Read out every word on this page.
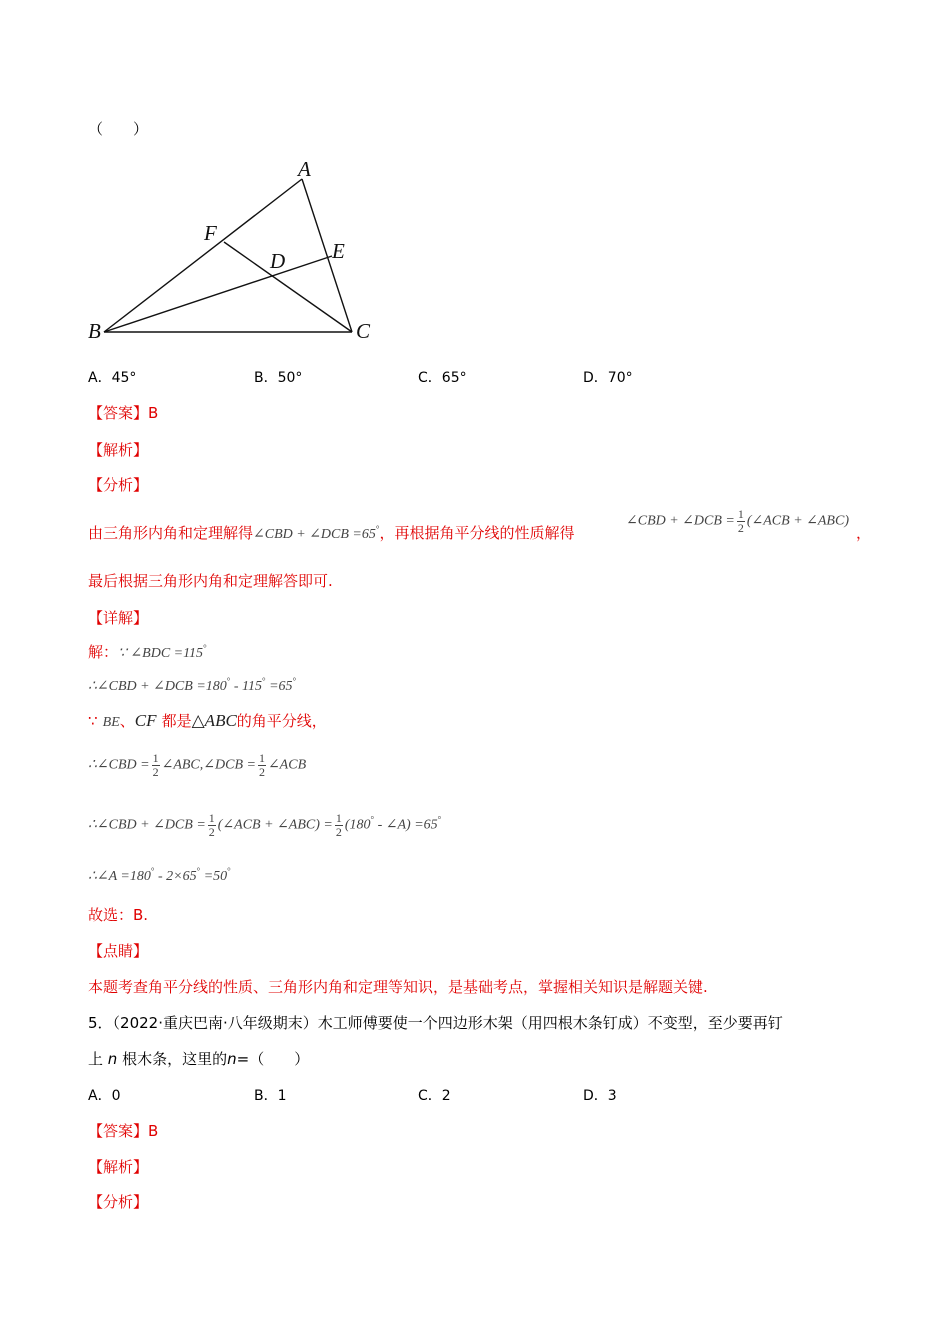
（　　）
A
B	C
D E
F
A．45°	B．50°	C．65°	D．70°
【答案】B
【解析】
【分析】
由三角形内角和定理解得∠CBD + ∠DCB =65°，再根据角平分线的性质解得
∠CBD + ∠DCB = $\frac{1}{2}$ (∠ACB + ∠ABC)
，
最后根据三角形内角和定理解答即可.
【详解】
解：∵ ∠BDC =115°
∴∠CBD + ∠DCB =180° - 115° =65°
∵ BE、CF 都是△ABC的角平分线，
∴∠CBD = $\frac{1}{2}$ ∠ABC,∠DCB = $\frac{1}{2}$ ∠ACB
∴∠CBD + ∠DCB = $\frac{1}{2}$ (∠ACB + ∠ABC) = $\frac{1}{2} (180^\circ$ - ∠A) =65°
∴∠A =180° - 2×65° =50°
故选：B.
【点睛】
本题考查角平分线的性质、三角形内角和定理等知识，是基础考点，掌握相关知识是解题关键.
5．（2022·重庆巴南·八年级期末）木工师傅要使一个四边形木架（用四根木条钉成）不变型，至少要再钉
上 n 根木条，这里的n=（　　）
A．0	B．1	C．2	D．3
【答案】B
【解析】
【分析】
